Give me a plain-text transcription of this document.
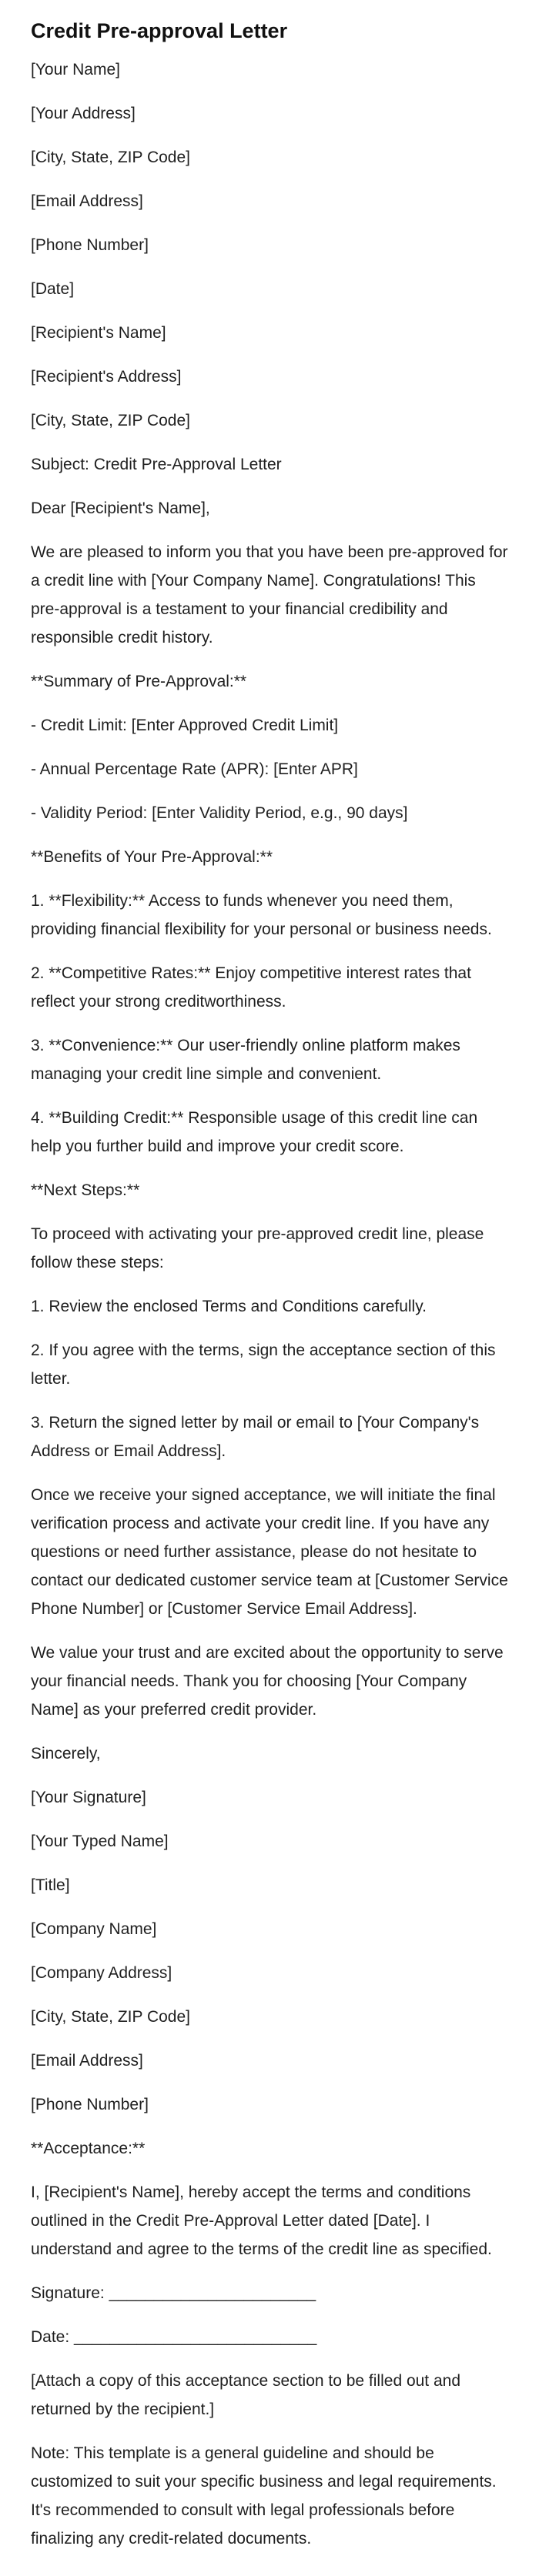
Credit Pre-approval Letter

[Your Name]

[Your Address]

[City, State, ZIP Code]

[Email Address]

[Phone Number]

[Date]

[Recipient's Name]

[Recipient's Address]

[City, State, ZIP Code]

Subject: Credit Pre-Approval Letter

Dear [Recipient's Name],

We are pleased to inform you that you have been pre-approved for a credit line with [Your Company Name]. Congratulations! This pre-approval is a testament to your financial credibility and responsible credit history.

**Summary of Pre-Approval:**

- Credit Limit: [Enter Approved Credit Limit]

- Annual Percentage Rate (APR): [Enter APR]

- Validity Period: [Enter Validity Period, e.g., 90 days]

**Benefits of Your Pre-Approval:**

1. **Flexibility:** Access to funds whenever you need them, providing financial flexibility for your personal or business needs.

2. **Competitive Rates:** Enjoy competitive interest rates that reflect your strong creditworthiness.

3. **Convenience:** Our user-friendly online platform makes managing your credit line simple and convenient.

4. **Building Credit:** Responsible usage of this credit line can help you further build and improve your credit score.

**Next Steps:**

To proceed with activating your pre-approved credit line, please follow these steps:

1. Review the enclosed Terms and Conditions carefully.

2. If you agree with the terms, sign the acceptance section of this letter.

3. Return the signed letter by mail or email to [Your Company's Address or Email Address].

Once we receive your signed acceptance, we will initiate the final verification process and activate your credit line. If you have any questions or need further assistance, please do not hesitate to contact our dedicated customer service team at [Customer Service Phone Number] or [Customer Service Email Address].

We value your trust and are excited about the opportunity to serve your financial needs. Thank you for choosing [Your Company Name] as your preferred credit provider.

Sincerely,

[Your Signature]

[Your Typed Name]

[Title]

[Company Name]

[Company Address]

[City, State, ZIP Code]

[Email Address]

[Phone Number]

**Acceptance:**

I, [Recipient's Name], hereby accept the terms and conditions outlined in the Credit Pre-Approval Letter dated [Date]. I understand and agree to the terms of the credit line as specified.

Signature: _______________________

Date: ___________________________

[Attach a copy of this acceptance section to be filled out and returned by the recipient.]

Note: This template is a general guideline and should be customized to suit your specific business and legal requirements. It's recommended to consult with legal professionals before finalizing any credit-related documents.
